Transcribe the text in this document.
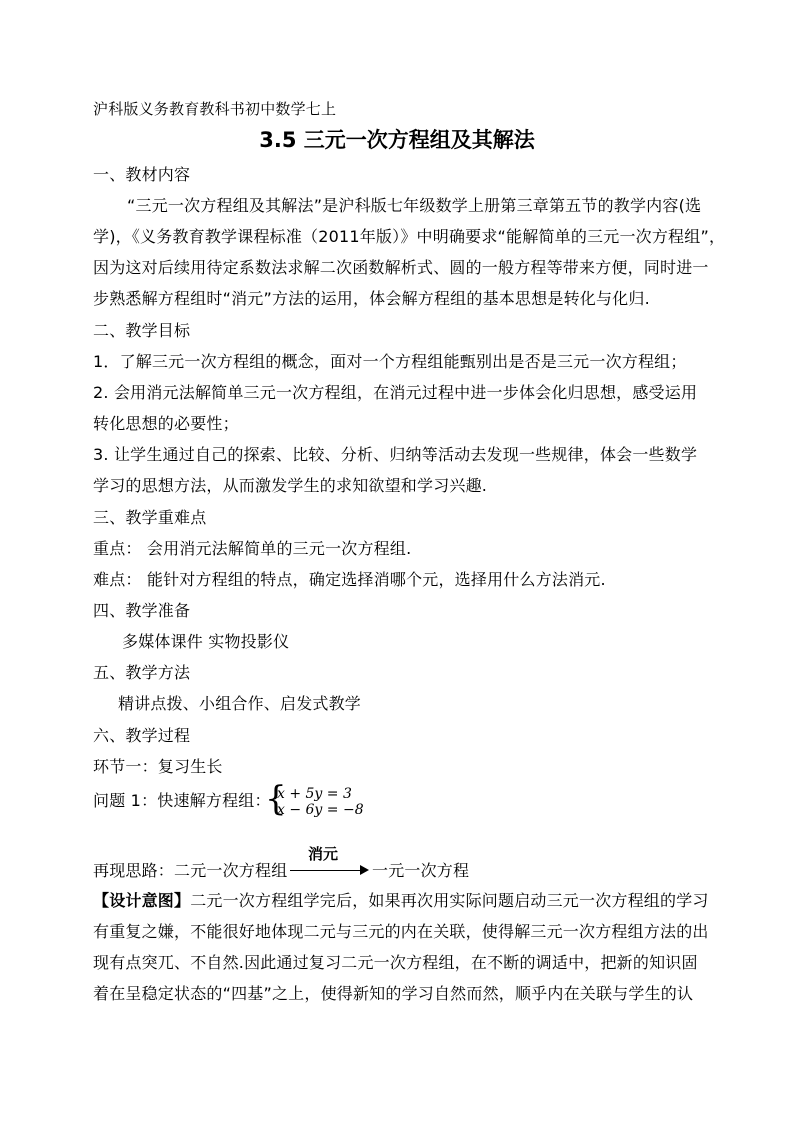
沪科版义务教育教科书初中数学七上
3.5 三元一次方程组及其解法
一、教材内容
“三元一次方程组及其解法”是沪科版七年级数学上册第三章第五节的教学内容(选
学)，《义务教育教学课程标准（2011年版）》中明确要求“能解简单的三元一次方程组”，
因为这对后续用待定系数法求解二次函数解析式、圆的一般方程等带来方便，同时进一
步熟悉解方程组时“消元”方法的运用，体会解方程组的基本思想是转化与化归.
二、教学目标
1．了解三元一次方程组的概念，面对一个方程组能甄别出是否是三元一次方程组；
2. 会用消元法解简单三元一次方程组，在消元过程中进一步体会化归思想，感受运用
转化思想的必要性；
3. 让学生通过自己的探索、比较、分析、归纳等活动去发现一些规律，体会一些数学
学习的思想方法，从而激发学生的求知欲望和学习兴趣.
三、教学重难点
重点： 会用消元法解简单的三元一次方程组.
难点： 能针对方程组的特点，确定选择消哪个元，选择用什么方法消元.
四、教学准备
多媒体课件 实物投影仪
五、教学方法
精讲点拨、小组合作、启发式教学
六、教学过程
环节一：复习生长
问题 1：快速解方程组：
{
x + 5y = 3
x − 6y = −8
再现思路：二元一次方程组
消元
一元一次方程
【设计意图】二元一次方程组学完后，如果再次用实际问题启动三元一次方程组的学习
有重复之嫌，不能很好地体现二元与三元的内在关联，使得解三元一次方程组方法的出
现有点突兀、不自然.因此通过复习二元一次方程组，在不断的调适中，把新的知识固
着在呈稳定状态的“四基”之上，使得新知的学习自然而然，顺乎内在关联与学生的认
